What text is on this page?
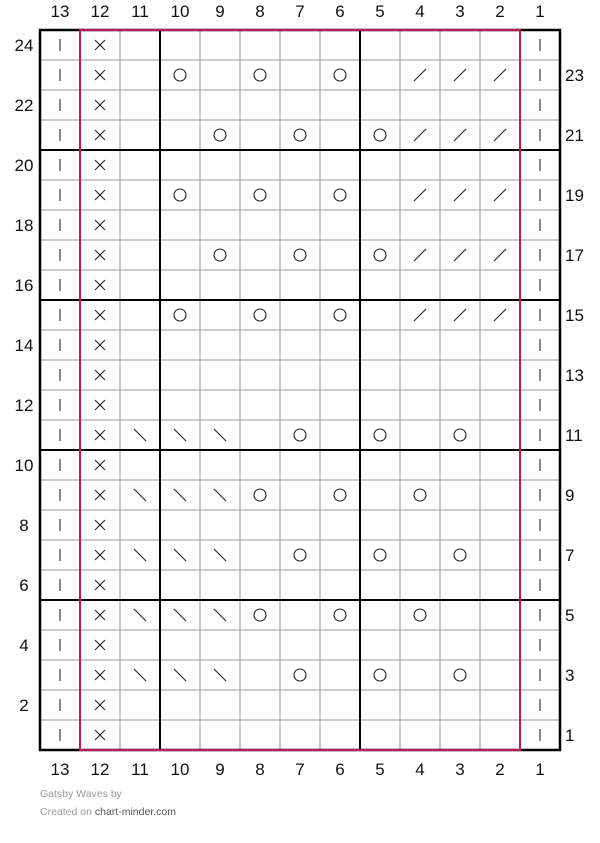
13
13
12
12
11
11
10
10
9
9
8
8
7
7
6
6
5
5
4
4
3
3
2
2
1
1
24
22
20
18
16
14
12
10
8
6
4
2
23
21
19
17
15
13
11
9
7
5
3
1
Gatsby Waves by
Created on chart-minder.com
